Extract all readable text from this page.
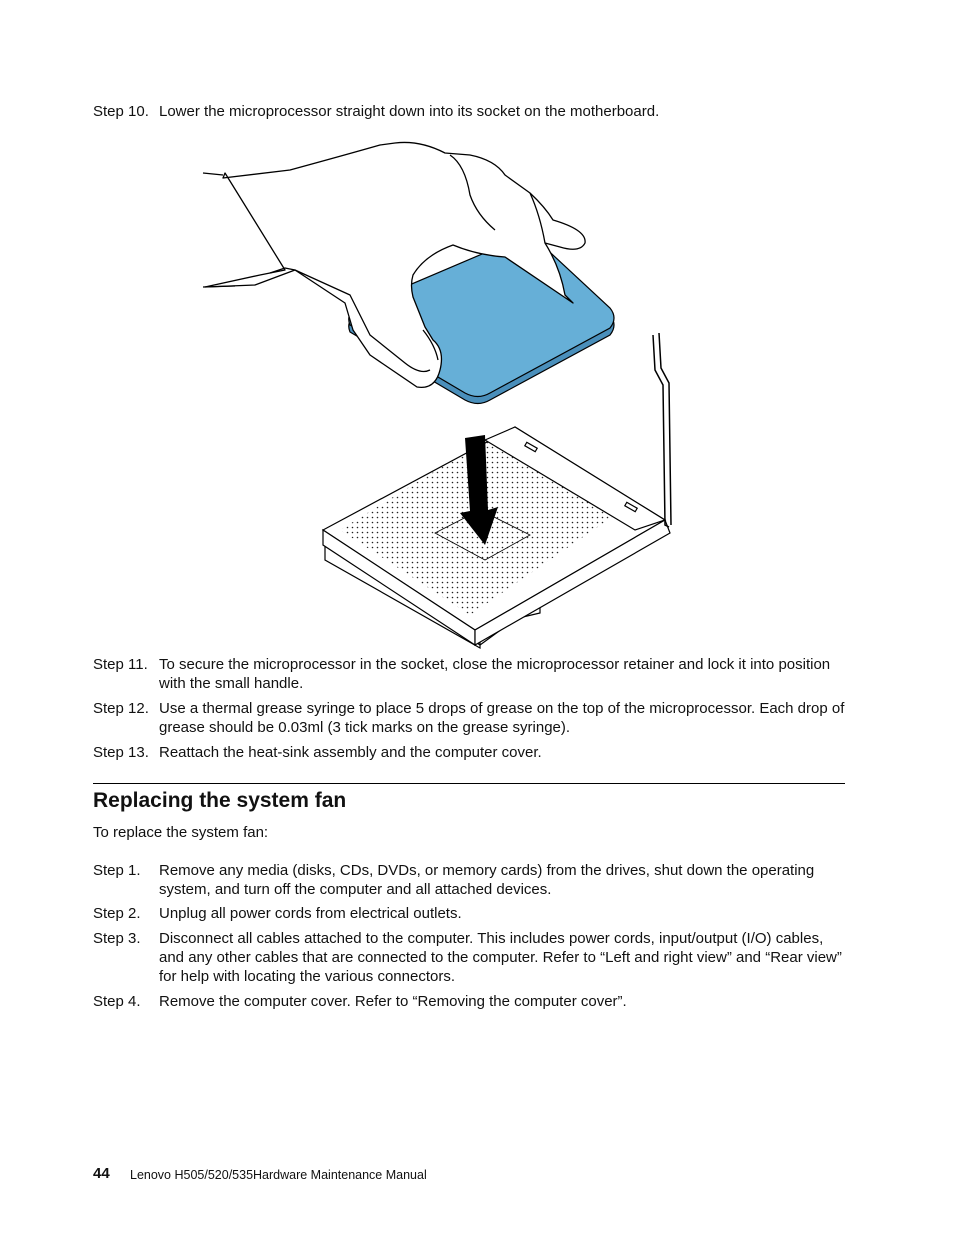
Step 10. Lower the microprocessor straight down into its socket on the motherboard.
Step 11. To secure the microprocessor in the socket, close the microprocessor retainer and lock it into position with the small handle.
Step 12. Use a thermal grease syringe to place 5 drops of grease on the top of the microprocessor. Each drop of grease should be 0.03ml (3 tick marks on the grease syringe).
Step 13. Reattach the heat-sink assembly and the computer cover.
Replacing the system fan
To replace the system fan:
Step 1. Remove any media (disks, CDs, DVDs, or memory cards) from the drives, shut down the operating system, and turn off the computer and all attached devices.
Step 2. Unplug all power cords from electrical outlets.
Step 3. Disconnect all cables attached to the computer. This includes power cords, input/output (I/O) cables, and any other cables that are connected to the computer. Refer to “Left and right view” and “Rear view” for help with locating the various connectors.
Step 4. Remove the computer cover. Refer to “Removing the computer cover”.
44 Lenovo H505/520/535Hardware Maintenance Manual
